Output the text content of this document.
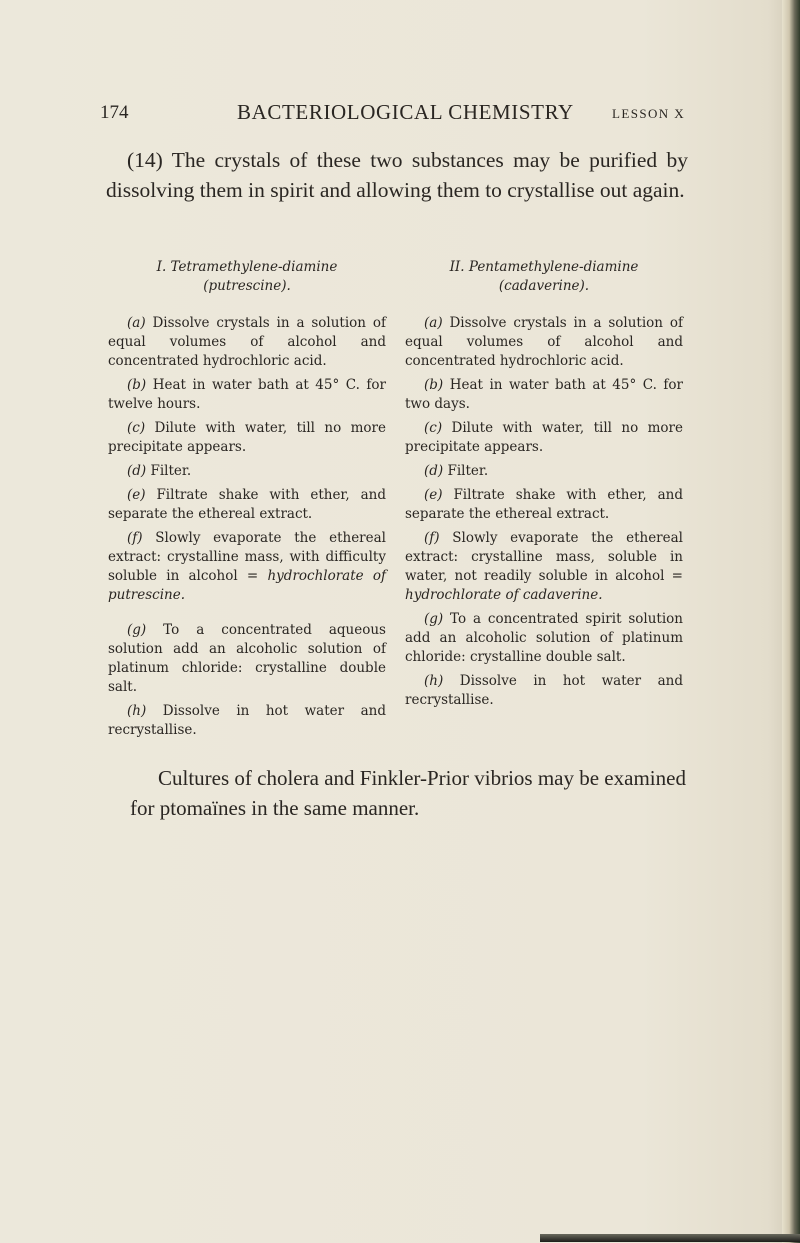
174	BACTERIOLOGICAL CHEMISTRY	LESSON X

(14) The crystals of these two substances may be purified by dissolving them in spirit and allowing them to crystallise out again.

I. Tetramethylene-diamine

(putrescine).

(a) Dissolve crystals in a solution of equal volumes of alcohol and concentrated hydrochloric acid.

(b) Heat in water bath at 45° C. for twelve hours.

(c) Dilute with water, till no more precipitate appears.

(d) Filter.

(e) Filtrate shake with ether, and separate the ethereal extract.

(f) Slowly evaporate the ethereal extract: crystalline mass, with difficulty soluble in alcohol = hydrochlorate of putrescine.

(g) To a concentrated aqueous solution add an alcoholic solution of platinum chloride: crystalline double salt.

(h) Dissolve in hot water and recrystallise.

II. Pentamethylene-diamine

(cadaverine).

(a) Dissolve crystals in a solution of equal volumes of alcohol and concentrated hydrochloric acid.

(b) Heat in water bath at 45° C. for two days.

(c) Dilute with water, till no more precipitate appears.

(d) Filter.

(e) Filtrate shake with ether, and separate the ethereal extract.

(f) Slowly evaporate the ethereal extract: crystalline mass, soluble in water, not readily soluble in alcohol = hydrochlorate of cadaverine.

(g) To a concentrated spirit solution add an alcoholic solution of platinum chloride: crystalline double salt.

(h) Dissolve in hot water and recrystallise.

Cultures of cholera and Finkler-Prior vibrios may be examined for ptomaïnes in the same manner.
